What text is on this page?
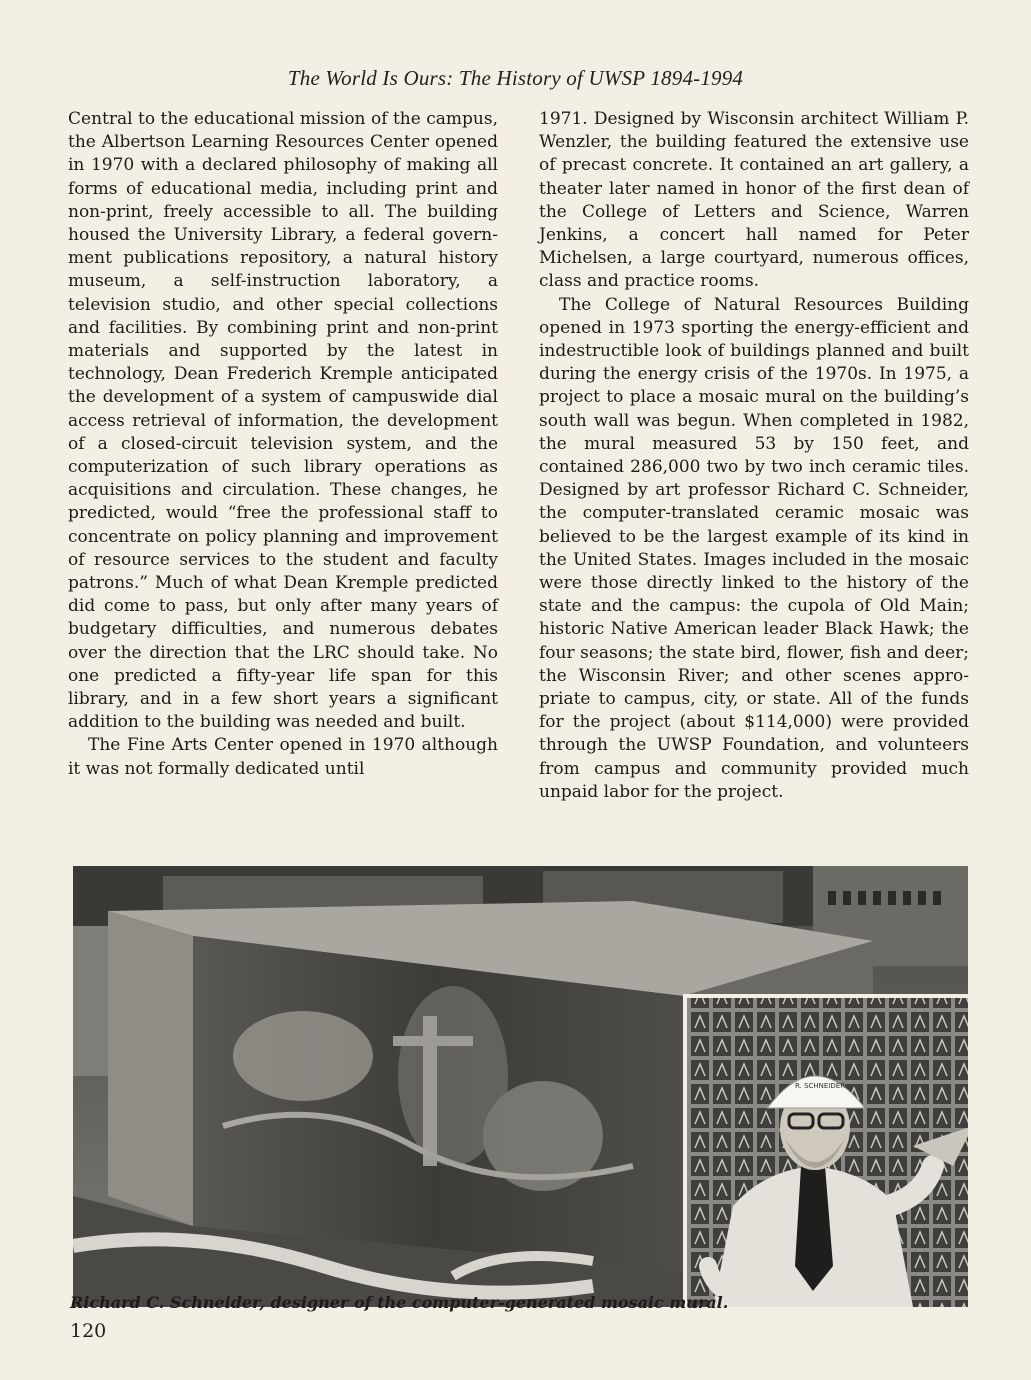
The World Is Ours: The History of UWSP 1894-1994

Central to the educational mission of the campus, the Albertson Learning Resources Center opened in 1970 with a declared philosophy of making all forms of educational media, including print and non-print, freely accessible to all. The building housed the University Library, a federal government publications repository, a natural history museum, a self-instruction laboratory, a television studio, and other special collections and facilities. By combining print and non-print materials and supported by the latest in technology, Dean Frederich Kremple anticipated the development of a system of campuswide dial access retrieval of information, the development of a closed-circuit television system, and the computerization of such library operations as acquisitions and circulation. These changes, he predicted, would “free the professional staff to concentrate on policy planning and improvement of resource services to the student and faculty patrons.” Much of what Dean Kremple predicted did come to pass, but only after many years of budgetary difficulties, and numerous debates over the direction that the LRC should take. No one predicted a fifty-year life span for this library, and in a few short years a significant addition to the building was needed and built.

The Fine Arts Center opened in 1970 although it was not formally dedicated until

1971. Designed by Wisconsin architect William P. Wenzler, the building featured the extensive use of precast concrete. It contained an art gallery, a theater later named in honor of the first dean of the College of Letters and Science, Warren Jenkins, a concert hall named for Peter Michelsen, a large courtyard, numerous offices, class and practice rooms.

The College of Natural Resources Building opened in 1973 sporting the energy-efficient and indestructible look of buildings planned and built during the energy crisis of the 1970s. In 1975, a project to place a mosaic mural on the building’s south wall was begun. When completed in 1982, the mural measured 53 by 150 feet, and contained 286,000 two by two inch ceramic tiles. Designed by art professor Richard C. Schneider, the computer-translated ceramic mosaic was believed to be the largest example of its kind in the United States. Images included in the mosaic were those directly linked to the history of the state and the campus: the cupola of Old Main; historic Native American leader Black Hawk; the four seasons; the state bird, flower, fish and deer; the Wisconsin River; and other scenes appropriate to campus, city, or state. All of the funds for the project (about $114,000) were provided through the UWSP Foundation, and volunteers from campus and community provided much unpaid labor for the project.

R. SCHNEIDER
Richard C. Schneider, designer of the computer-generated mosaic mural.
120
